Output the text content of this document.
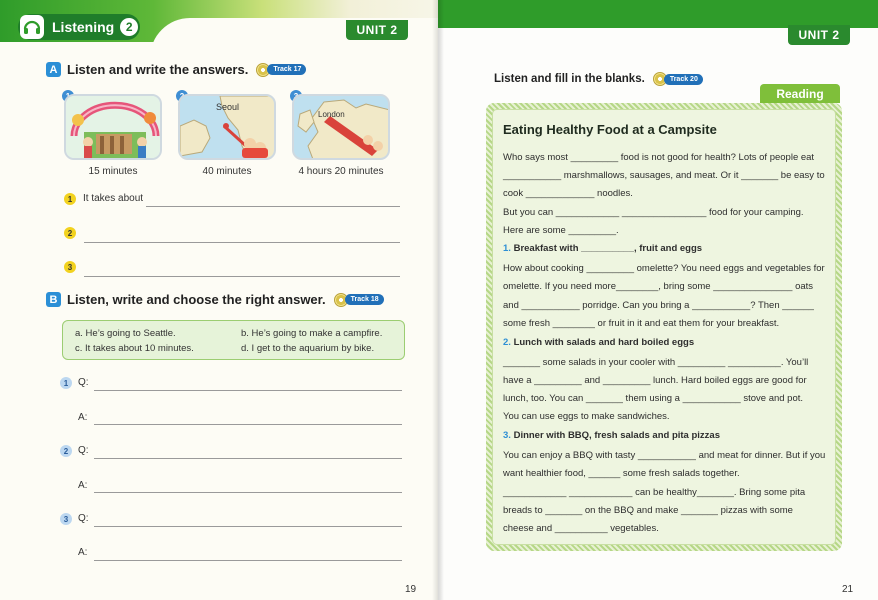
Listening 2	UNIT 2
A Listen and write the answers.	Track 17
15 minutes
Seoul
40 minutes
London
4 hours 20 minutes
1	It takes about
2
3
B Listen, write and choose the right answer.	Track 18
a. He’s going to Seattle.	b. He’s going to make a campfire.
c. It takes about 10 minutes.	d. I get to the aquarium by bike.
1 Q:
A:
2 Q:
A:
3 Q:
A:
19
UNIT 2
Listen and fill in the blanks.	Track 20
Reading
Eating Healthy Food at a Campsite
Who says most _________ food is not good for health? Lots of people eat
___________ marshmallows, sausages, and meat. Or it _______ be easy to
cook _____________ noodles.
But you can ____________ ________________ food for your camping.
Here are some _________.
1. Breakfast with __________, fruit and eggs
How about cooking _________ omelette? You need eggs and vegetables for
omelette. If you need more________, bring some _______________ oats
and ___________ porridge. Can you bring a ___________? Then ______
some fresh ________ or fruit in it and eat them for your breakfast.
2. Lunch with salads and hard boiled eggs
_______ some salads in your cooler with _________ __________. You’ll
have a _________ and _________ lunch. Hard boiled eggs are good for
lunch, too. You can _______ them using a ___________ stove and pot.
You can use eggs to make sandwiches.
3. Dinner with BBQ, fresh salads and pita pizzas
You can enjoy a BBQ with tasty ___________ and meat for dinner. But if you
want healthier food, ______ some fresh salads together.
____________ ____________ can be healthy_______. Bring some pita
breads to _______ on the BBQ and make _______ pizzas with some
cheese and __________ vegetables.
21
